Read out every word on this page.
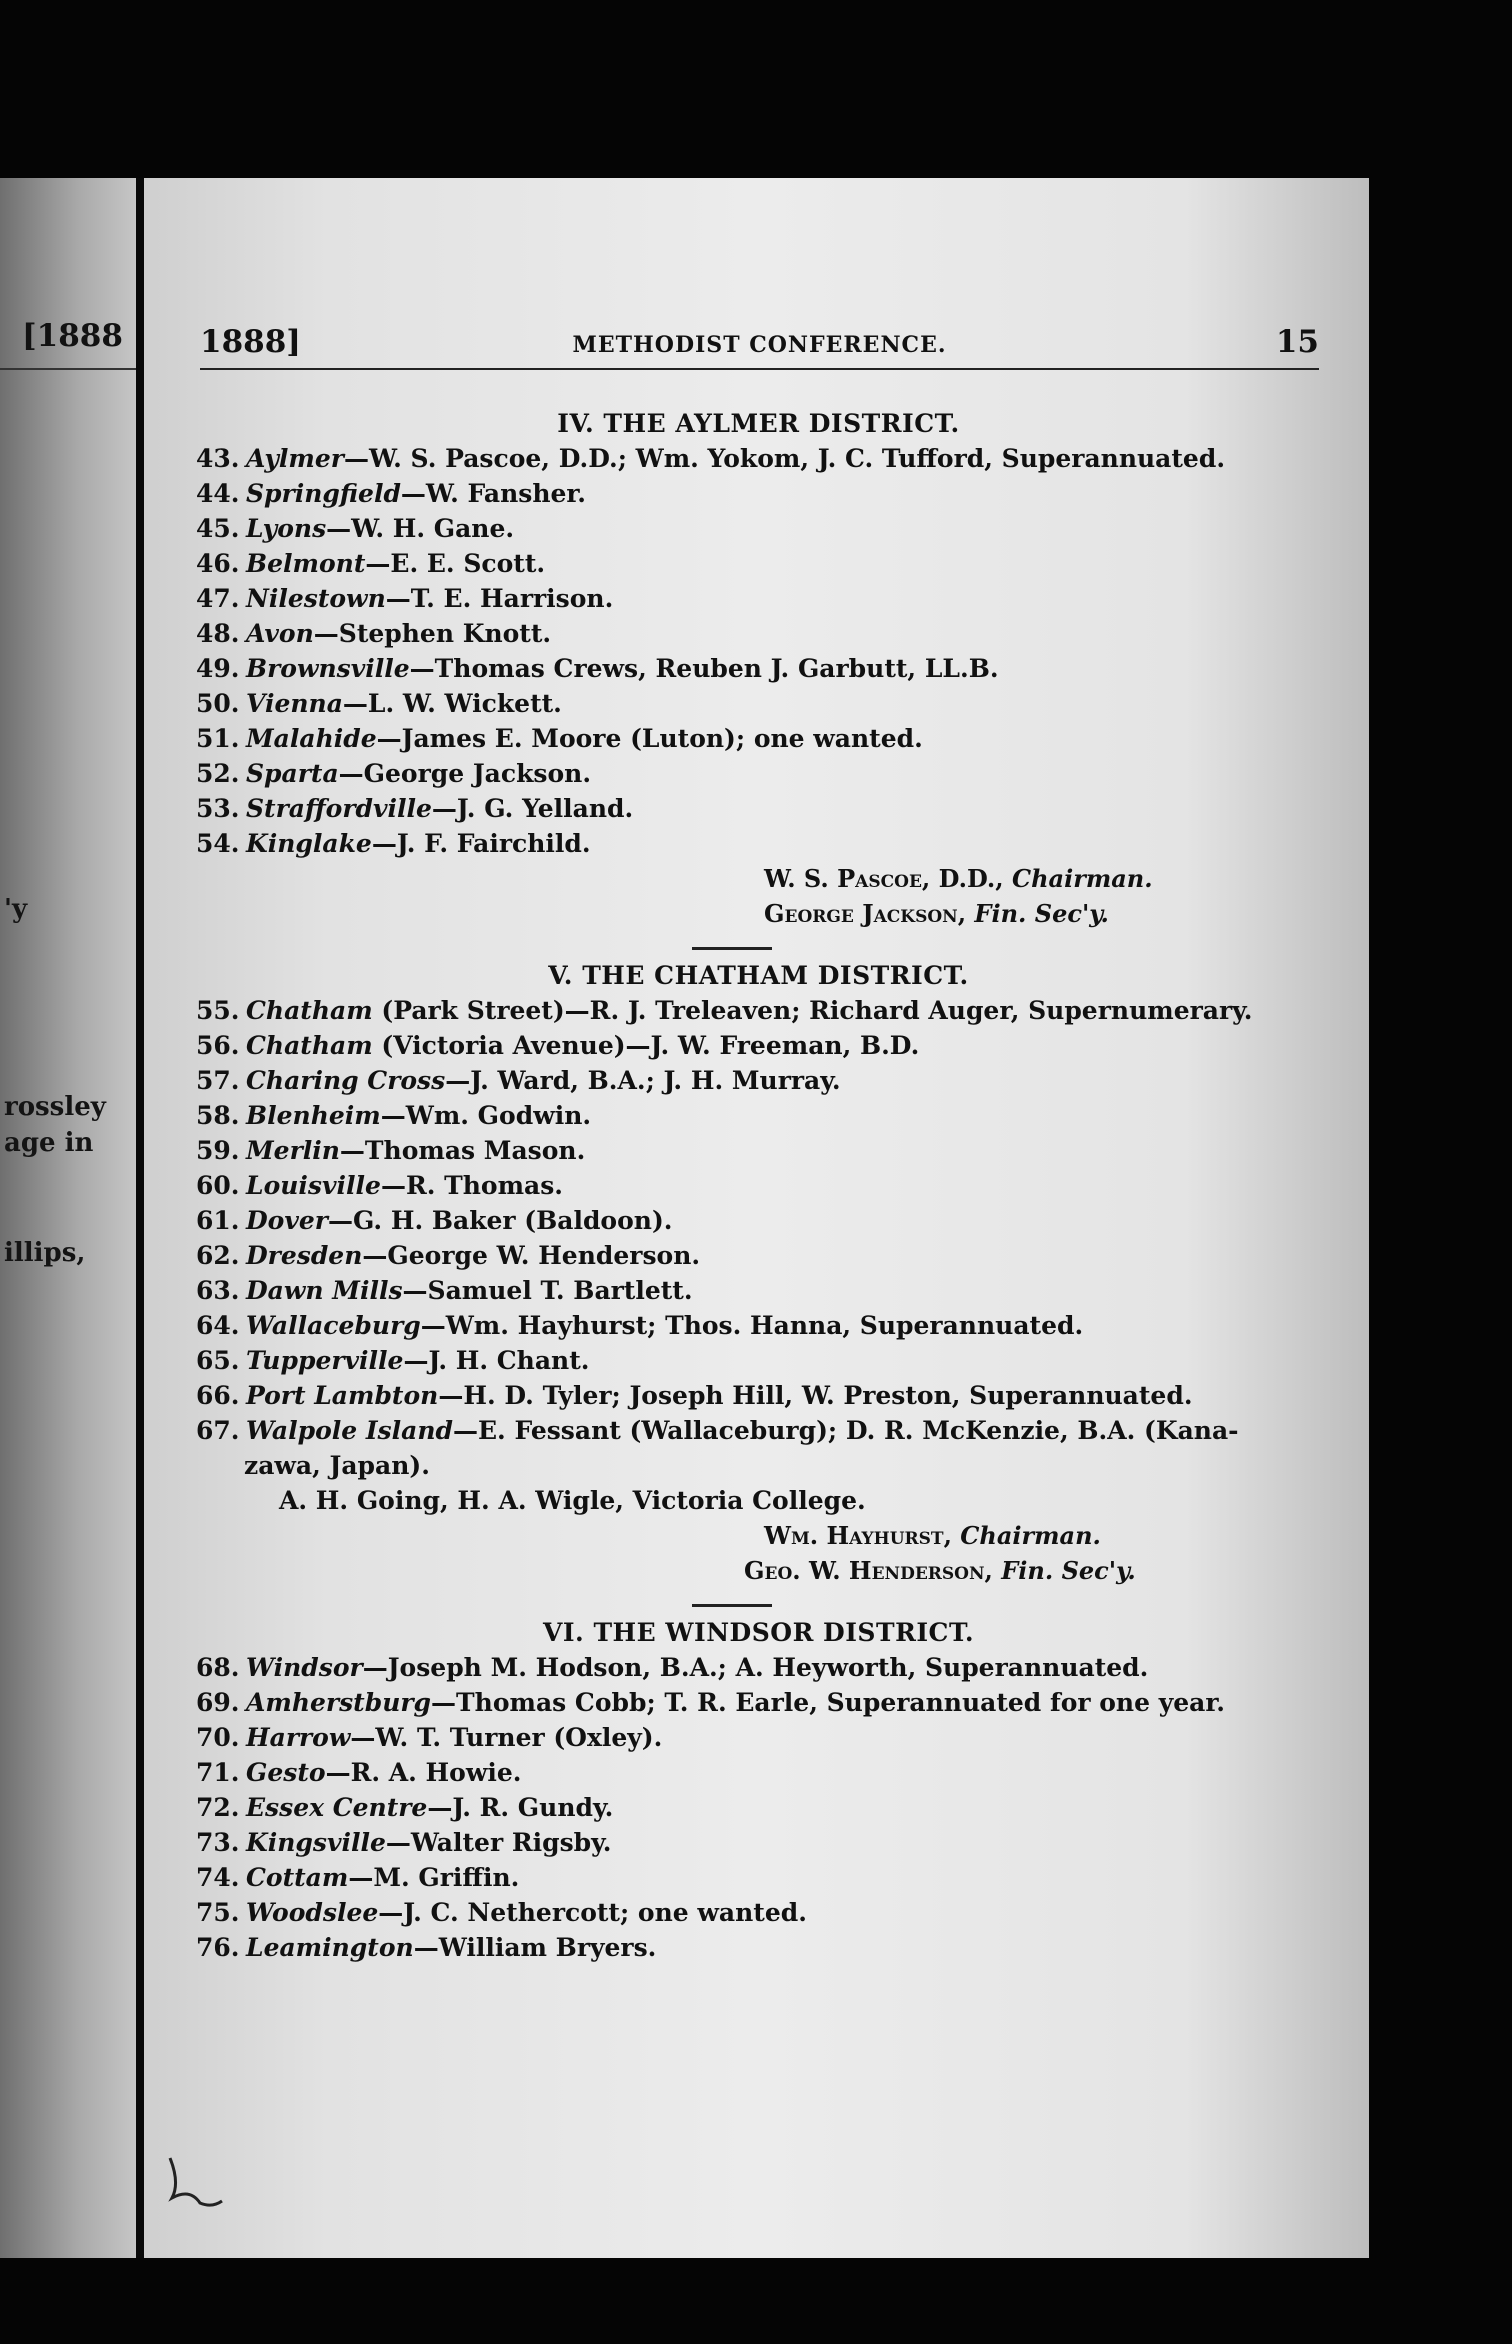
[1888
'y
rossley
age in
illips,
1888]	METHODIST CONFERENCE.	15
IV. THE AYLMER DISTRICT.
43. Aylmer—W. S. Pascoe, D.D.; Wm. Yokom, J. C. Tufford, Superannuated.
44. Springfield—W. Fansher.
45. Lyons—W. H. Gane.
46. Belmont—E. E. Scott.
47. Nilestown—T. E. Harrison.
48. Avon—Stephen Knott.
49. Brownsville—Thomas Crews, Reuben J. Garbutt, LL.B.
50. Vienna—L. W. Wickett.
51. Malahide—James E. Moore (Luton); one wanted.
52. Sparta—George Jackson.
53. Straffordville—J. G. Yelland.
54. Kinglake—J. F. Fairchild.
W. S. Pascoe, D.D., Chairman.
George Jackson, Fin. Sec'y.
V. THE CHATHAM DISTRICT.
55. Chatham (Park Street)—R. J. Treleaven; Richard Auger, Supernumerary.
56. Chatham (Victoria Avenue)—J. W. Freeman, B.D.
57. Charing Cross—J. Ward, B.A.; J. H. Murray.
58. Blenheim—Wm. Godwin.
59. Merlin—Thomas Mason.
60. Louisville—R. Thomas.
61. Dover—G. H. Baker (Baldoon).
62. Dresden—George W. Henderson.
63. Dawn Mills—Samuel T. Bartlett.
64. Wallaceburg—Wm. Hayhurst; Thos. Hanna, Superannuated.
65. Tupperville—J. H. Chant.
66. Port Lambton—H. D. Tyler; Joseph Hill, W. Preston, Superannuated.
67. Walpole Island—E. Fessant (Wallaceburg); D. R. McKenzie, B.A. (Kana-
zawa, Japan).
A. H. Going, H. A. Wigle, Victoria College.
Wm. Hayhurst, Chairman.
Geo. W. Henderson, Fin. Sec'y.
VI. THE WINDSOR DISTRICT.
68. Windsor—Joseph M. Hodson, B.A.; A. Heyworth, Superannuated.
69. Amherstburg—Thomas Cobb; T. R. Earle, Superannuated for one year.
70. Harrow—W. T. Turner (Oxley).
71. Gesto—R. A. Howie.
72. Essex Centre—J. R. Gundy.
73. Kingsville—Walter Rigsby.
74. Cottam—M. Griffin.
75. Woodslee—J. C. Nethercott; one wanted.
76. Leamington—William Bryers.
